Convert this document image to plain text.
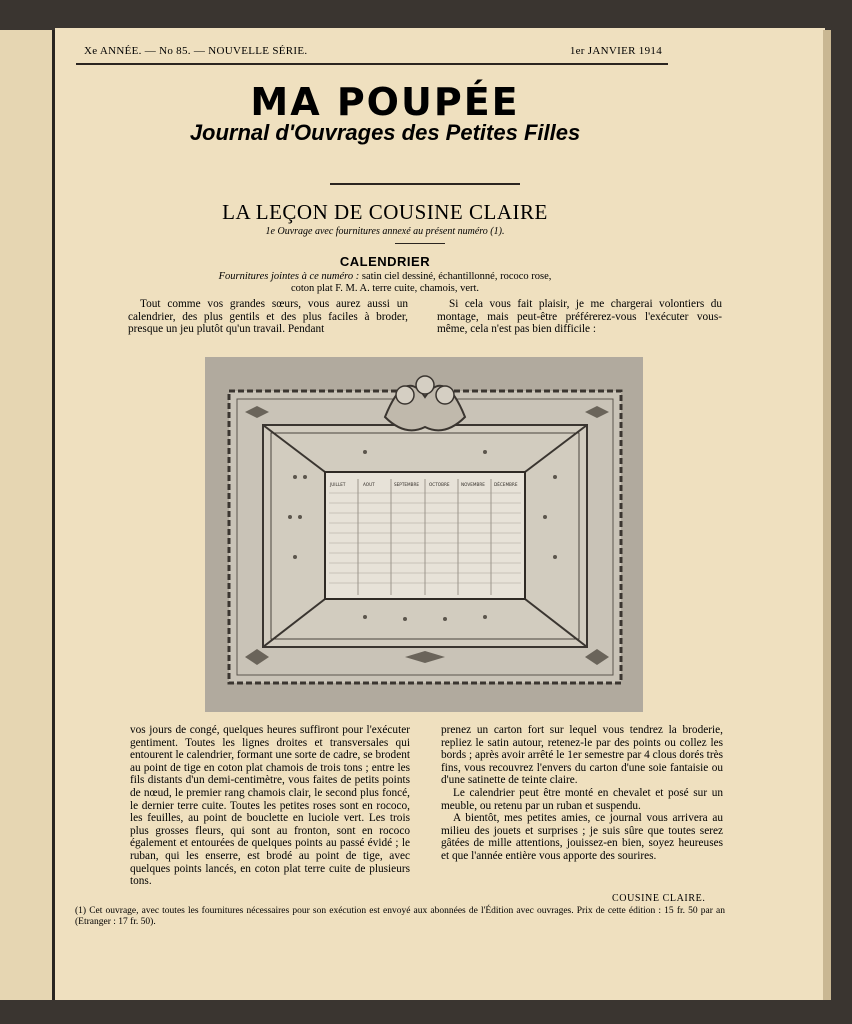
Xe ANNÉE. — No 85. — NOUVELLE SÉRIE.	1er JANVIER 1914
MA POUPÉE
Journal d'Ouvrages des Petites Filles
LA LEÇON DE COUSINE CLAIRE
1e Ouvrage avec fournitures annexé au présent numéro (1).
CALENDRIER
Fournitures jointes à ce numéro : satin ciel dessiné, échantillonné, rococo rose,
coton plat F. M. A. terre cuite, chamois, vert.

Tout comme vos grandes sœurs, vous aurez aussi un calendrier, des plus gentils et des plus faciles à broder, presque un jeu plutôt qu'un travail. Pendant

Si cela vous fait plaisir, je me chargerai volontiers du montage, mais peut-être préférerez-vous l'exécuter vous-même, cela n'est pas bien difficile :

JUILLET	AOUT	SEPTEMBRE OCTOBRE	NOVEMBRE DÉCEMBRE

vos jours de congé, quelques heures suffiront pour l'exécuter gentiment. Toutes les lignes droites et transversales qui entourent le calendrier, formant une sorte de cadre, se brodent au point de tige en coton plat chamois de trois tons ; entre les fils distants d'un demi-centimètre, vous faites de petits points de nœud, le premier rang chamois clair, le second plus foncé, le dernier terre cuite. Toutes les petites roses sont en rococo, les feuilles, au point de bouclette en luciole vert. Les trois plus grosses fleurs, qui sont au fronton, sont en rococo également et entourées de quelques points au passé évidé ; le ruban, qui les enserre, est brodé au point de tige, avec quelques points lancés, en coton plat terre cuite de plusieurs tons.

prenez un carton fort sur lequel vous tendrez la broderie, repliez le satin autour, retenez-le par des points ou collez les bords ; après avoir arrêté le 1er semestre par 4 clous dorés très fins, vous recouvrez l'envers du carton d'une soie fantaisie ou d'une satinette de teinte claire.

Le calendrier peut être monté en chevalet et posé sur un meuble, ou retenu par un ruban et suspendu.

A bientôt, mes petites amies, ce journal vous arrivera au milieu des jouets et surprises ; je suis sûre que toutes serez gâtées de mille attentions, jouissez-en bien, soyez heureuses et que l'année entière vous apporte des sourires.

COUSINE CLAIRE.
(1) Cet ouvrage, avec toutes les fournitures nécessaires pour son exécution est envoyé aux abonnées de l'Édition avec ouvrages. Prix de cette édition : 15 fr. 50 par an (Etranger : 17 fr. 50).
